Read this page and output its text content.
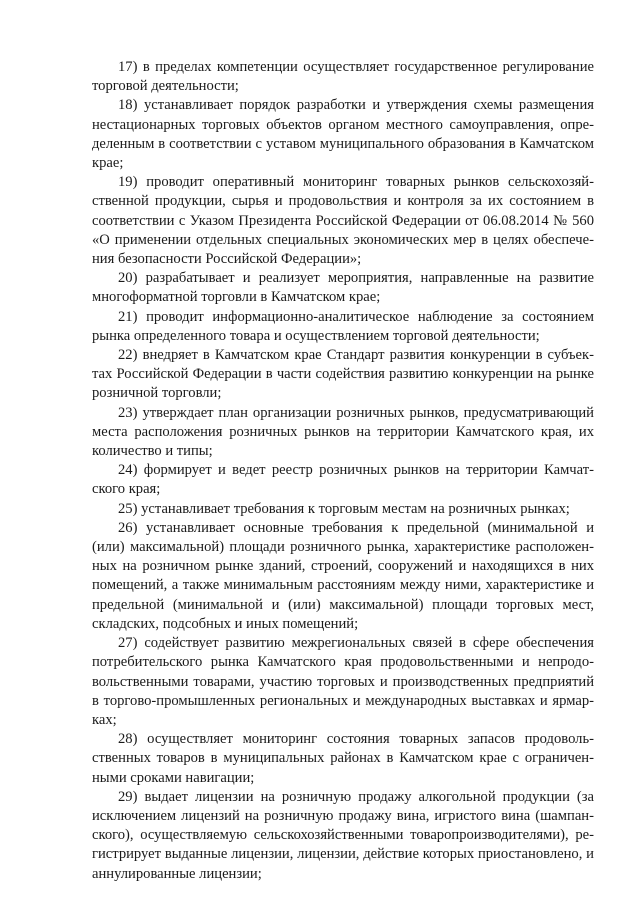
17) в пределах компетенции осуществляет государственное регулирование торговой деятельности;

18) устанавливает порядок разработки и утверждения схемы размещения нестационарных торговых объектов органом местного самоуправления, определенным в соответствии с уставом муниципального образования в Камчатском крае;

19) проводит оперативный мониторинг товарных рынков сельскохозяйственной продукции, сырья и продовольствия и контроля за их состоянием в соответствии с Указом Президента Российской Федерации от 06.08.2014 № 560 «О применении отдельных специальных экономических мер в целях обеспечения безопасности Российской Федерации»;

20) разрабатывает и реализует мероприятия, направленные на развитие многоформатной торговли в Камчатском крае;

21) проводит информационно-аналитическое наблюдение за состоянием рынка определенного товара и осуществлением торговой деятельности;

22) внедряет в Камчатском крае Стандарт развития конкуренции в субъектах Российской Федерации в части содействия развитию конкуренции на рынке розничной торговли;

23) утверждает план организации розничных рынков, предусматривающий места расположения розничных рынков на территории Камчатского края, их количество и типы;

24) формирует и ведет реестр розничных рынков на территории Камчатского края;

25) устанавливает требования к торговым местам на розничных рынках;

26) устанавливает основные требования к предельной (минимальной и (или) максимальной) площади розничного рынка, характеристике расположенных на розничном рынке зданий, строений, сооружений и находящихся в них помещений, а также минимальным расстояниям между ними, характеристике и предельной (минимальной и (или) максимальной) площади торговых мест, складских, подсобных и иных помещений;

27) содействует развитию межрегиональных связей в сфере обеспечения потребительского рынка Камчатского края продовольственными и непродовольственными товарами, участию торговых и производственных предприятий в торгово-промышленных региональных и международных выставках и ярмарках;

28) осуществляет мониторинг состояния товарных запасов продовольственных товаров в муниципальных районах в Камчатском крае с ограниченными сроками навигации;

29) выдает лицензии на розничную продажу алкогольной продукции (за исключением лицензий на розничную продажу вина, игристого вина (шампанского), осуществляемую сельскохозяйственными товаропроизводителями), регистрирует выданные лицензии, лицензии, действие которых приостановлено, и аннулированные лицензии;
